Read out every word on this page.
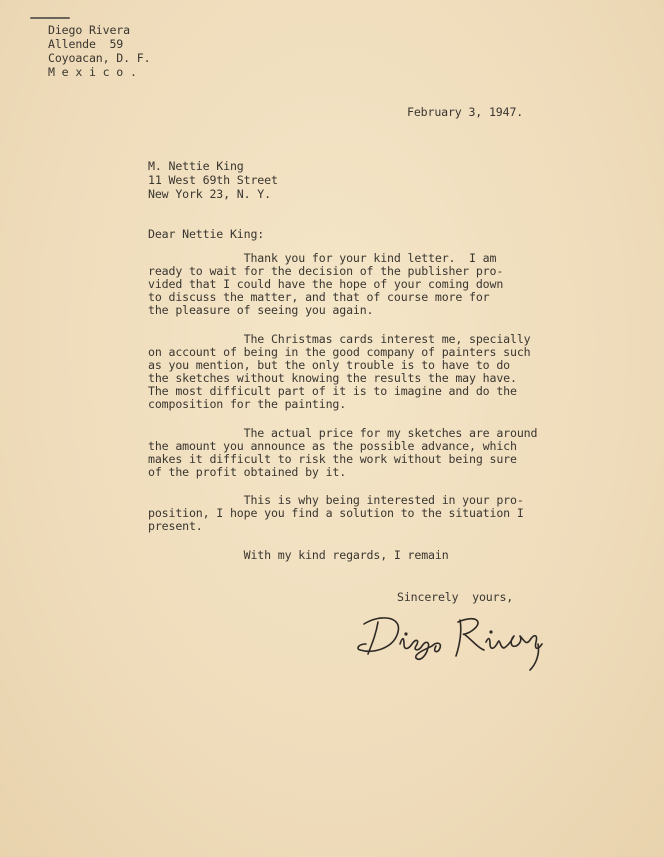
Diego Rivera
Allende  59
Coyoacan, D. F.
M e x i c o .
February 3, 1947.
M. Nettie King
11 West 69th Street
New York 23, N. Y.
Dear Nettie King:
Thank you for your kind letter.  I am
ready to wait for the decision of the publisher pro-
vided that I could have the hope of your coming down
to discuss the matter, and that of course more for
the pleasure of seeing you again.
The Christmas cards interest me, specially
on account of being in the good company of painters such
as you mention, but the only trouble is to have to do
the sketches without knowing the results the may have.
The most difficult part of it is to imagine and do the
composition for the painting.
The actual price for my sketches are around
the amount you announce as the possible advance, which
makes it difficult to risk the work without being sure
of the profit obtained by it.
This is why being interested in your pro-
position, I hope you find a solution to the situation I
present.
With my kind regards, I remain
Sincerely  yours,
